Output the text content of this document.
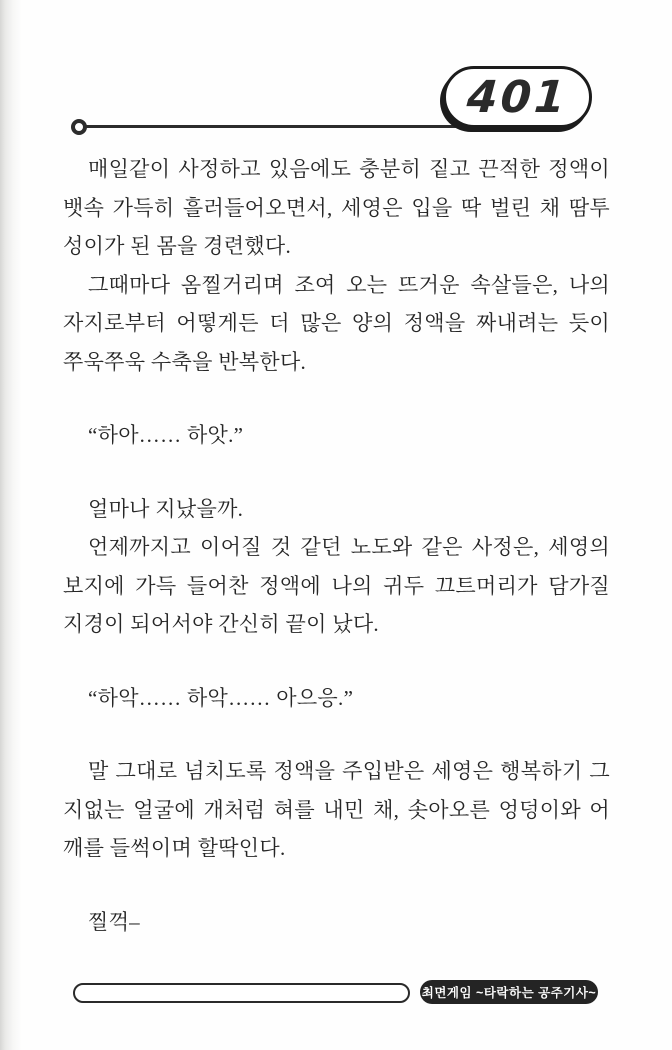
401
매일같이 사정하고 있음에도 충분히 짙고 끈적한 정액이
뱃속 가득히 흘러들어오면서, 세영은 입을 딱 벌린 채 땀투
성이가 된 몸을 경련했다.
그때마다 옴찔거리며 조여 오는 뜨거운 속살들은, 나의
자지로부터 어떻게든 더 많은 양의 정액을 짜내려는 듯이
쭈욱쭈욱 수축을 반복한다.
“하아…… 하앗.”
얼마나 지났을까.
언제까지고 이어질 것 같던 노도와 같은 사정은, 세영의
보지에 가득 들어찬 정액에 나의 귀두 끄트머리가 담가질
지경이 되어서야 간신히 끝이 났다.
“하악…… 하악…… 아으응.”
말 그대로 넘치도록 정액을 주입받은 세영은 행복하기 그
지없는 얼굴에 개처럼 혀를 내민 채, 솟아오른 엉덩이와 어
깨를 들썩이며 할딱인다.
찔꺽–
최면게임 ~타락하는 공주기사~
